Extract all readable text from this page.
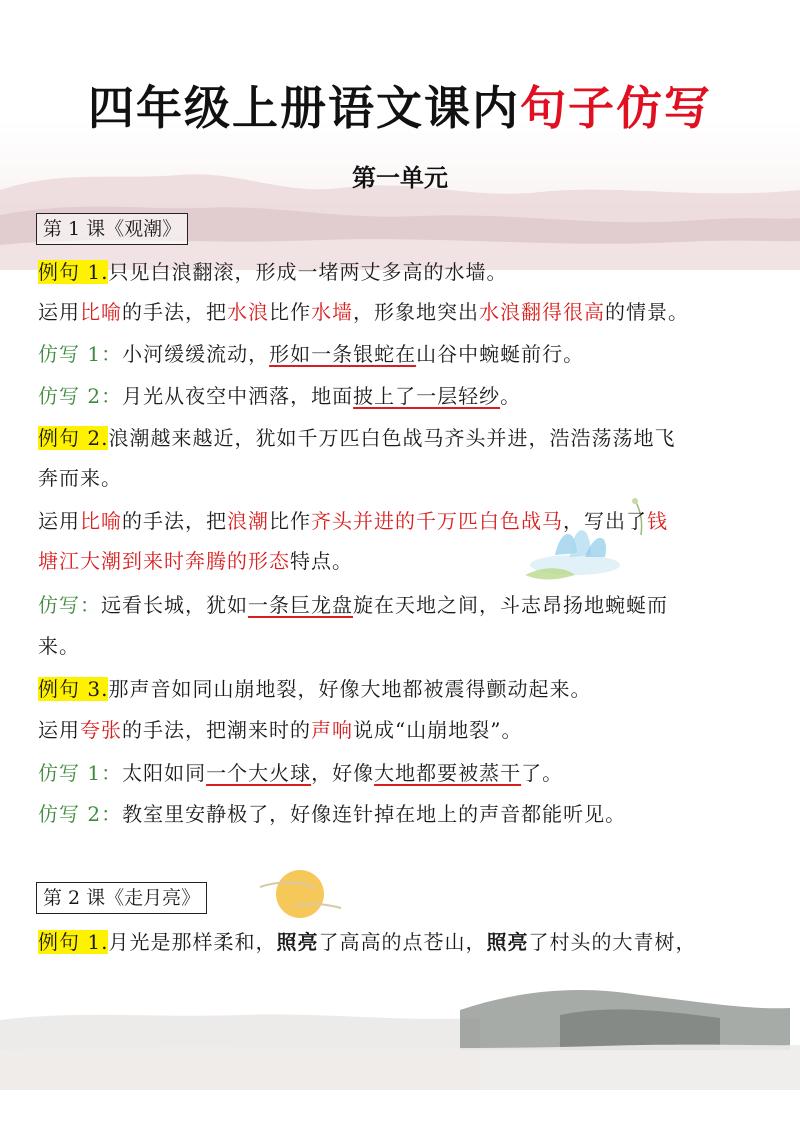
四年级上册语文课内句子仿写
第一单元
第 1 课《观潮》
例句 1.只见白浪翻滚，形成一堵两丈多高的水墙。
运用比喻的手法，把水浪比作水墙，形象地突出水浪翻得很高的情景。
仿写 1：小河缓缓流动，形如一条银蛇在山谷中蜿蜒前行。
仿写 2：月光从夜空中洒落，地面披上了一层轻纱。
例句 2.浪潮越来越近，犹如千万匹白色战马齐头并进，浩浩荡荡地飞
奔而来。
运用比喻的手法，把浪潮比作齐头并进的千万匹白色战马，写出了钱
塘江大潮到来时奔腾的形态特点。
仿写：远看长城，犹如一条巨龙盘旋在天地之间，斗志昂扬地蜿蜒而
来。
例句 3.那声音如同山崩地裂，好像大地都被震得颤动起来。
运用夸张的手法，把潮来时的声响说成“山崩地裂”。
仿写 1：太阳如同一个大火球，好像大地都要被蒸干了。
仿写 2：教室里安静极了，好像连针掉在地上的声音都能听见。
第 2 课《走月亮》
例句 1.月光是那样柔和，照亮了高高的点苍山，照亮了村头的大青树，
